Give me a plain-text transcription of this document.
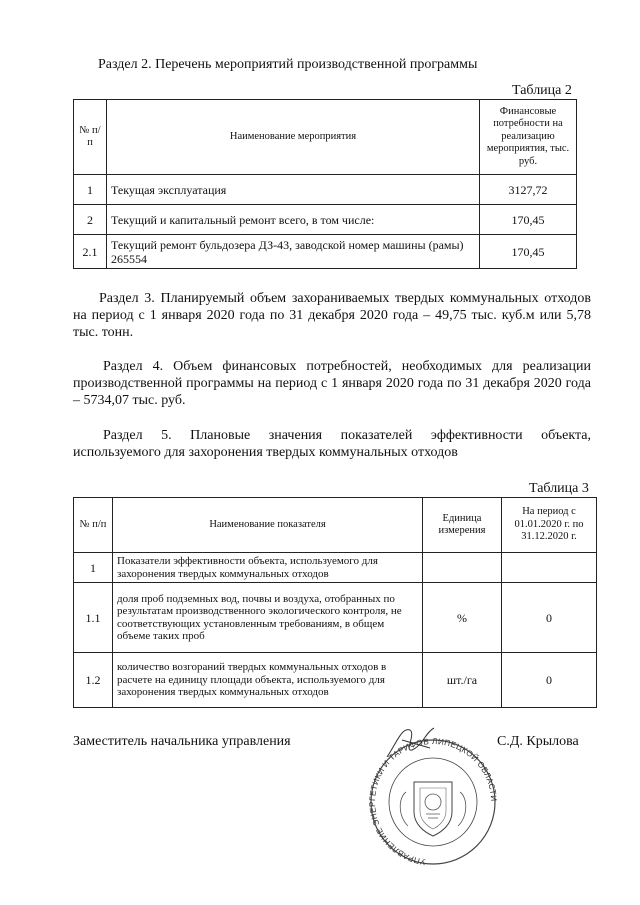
Раздел 2. Перечень мероприятий производственной программы
Таблица 2
№ п/п	Наименование мероприятия	Финансовые потребности на реализацию мероприятия, тыс. руб.
1	Текущая эксплуатация	3127,72
2	Текущий и капитальный ремонт всего, в том числе:	170,45
2.1	Текущий ремонт бульдозера ДЗ-43, заводской номер машины (рамы) 265554	170,45
Раздел 3. Планируемый объем захораниваемых твердых коммунальных отходов на период с 1 января 2020 года по 31 декабря 2020 года – 49,75 тыс. куб.м или 5,78 тыс. тонн.
Раздел 4. Объем финансовых потребностей, необходимых для реализации производственной программы на период с 1 января 2020 года по 31 декабря 2020 года – 5734,07 тыс. руб.
Раздел 5. Плановые значения показателей эффективности объекта, используемого для захоронения твердых коммунальных отходов
Таблица 3
№ п/п	Наименование показателя	Единица измерения	На период с 01.01.2020 г. по 31.12.2020 г.
1	Показатели эффективности объекта, используемого для захоронения твердых коммунальных отходов		
1.1	доля проб подземных вод, почвы и воздуха, отобранных по результатам производственного экологического контроля, не соответствующих установленным требованиям, в общем объеме таких проб	%	0
1.2	количество возгораний твердых коммунальных отходов в расчете на единицу площади объекта, используемого для захоронения твердых коммунальных отходов	шт./га	0
Заместитель начальника управления	С.Д. Крылова
УПРАВЛЕНИЕ ЭНЕРГЕТИКИ И ТАРИФОВ ЛИПЕЦКОЙ ОБЛАСТИ
